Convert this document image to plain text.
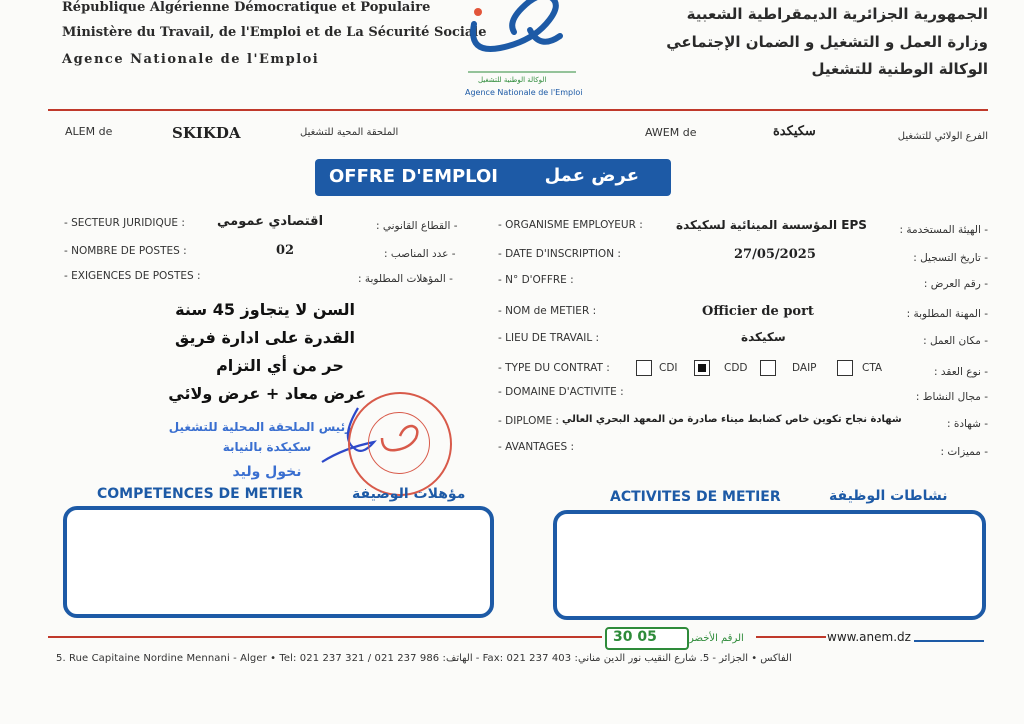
République Algérienne Démocratique et Populaire
Ministère du Travail, de l'Emploi et de La Sécurité Sociale
Agence Nationale de l'Emploi
الجمهورية الجزائرية الديمقراطية الشعبية
وزارة العمل و التشغيل و الضمان الإجتماعي
الوكالة الوطنية للتشغيل
الوكالة الوطنية للتشغيل
Agence Nationale de l'Emploi
ALEM de	SKIKDA	الملحقة المحية للتشغيل	AWEM de	سكيكدة	الفرع الولائي للتشغيل
OFFRE D'EMPLOI	عرض عمل
- SECTEUR JURIDIQUE : اقتصادي عمومي	- القطاع القانوني :
- NOMBRE DE POSTES :	02	- عدد المناصب :
- EXIGENCES DE POSTES :	- المؤهلات المطلوبة :
السن لا يتجاوز 45 سنة
القدرة على ادارة فريق
حر من أي التزام
عرض معاد + عرض ولائي
- ORGANISME EMPLOYEUR :	المؤسسة المينائية لسكيكدة EPS	- الهيئة المستخدمة :
- DATE D'INSCRIPTION :	27/05/2025	- تاريخ التسجيل :
- N° D'OFFRE :	- رقم العرض :
- NOM de METIER :	Officier de port	- المهنة المطلوبة :
- LIEU DE TRAVAIL :	سكيكدة	- مكان العمل :
- TYPE DU CONTRAT :	CDI	CDD	DAIP	CTA	- نوع العقد :
- DOMAINE D'ACTIVITE :	- مجال النشاط :
- DIPLOME : شهادة نجاح تكوين خاص كضابط ميناء صادرة من المعهد البحري العالي	- شهادة :
- AVANTAGES :	- مميزات :
رئيس الملحقة المحلية للتشغيل
سكيكدة بالنيابة
نخول وليد
COMPETENCES DE METIER	مؤهلات الوضيفة	ACTIVITES DE METIER	نشاطات الوظيفة
30 05	الرقم الأخضر	www.anem.dz
5. Rue Capitaine Nordine Mennani - Alger • Tel: 021 237 321 / 021 237 986 :الهاتف - Fax: 021 237 403 :الفاكس • الجزائر - 5. شارع النقيب نور الدين مناني
